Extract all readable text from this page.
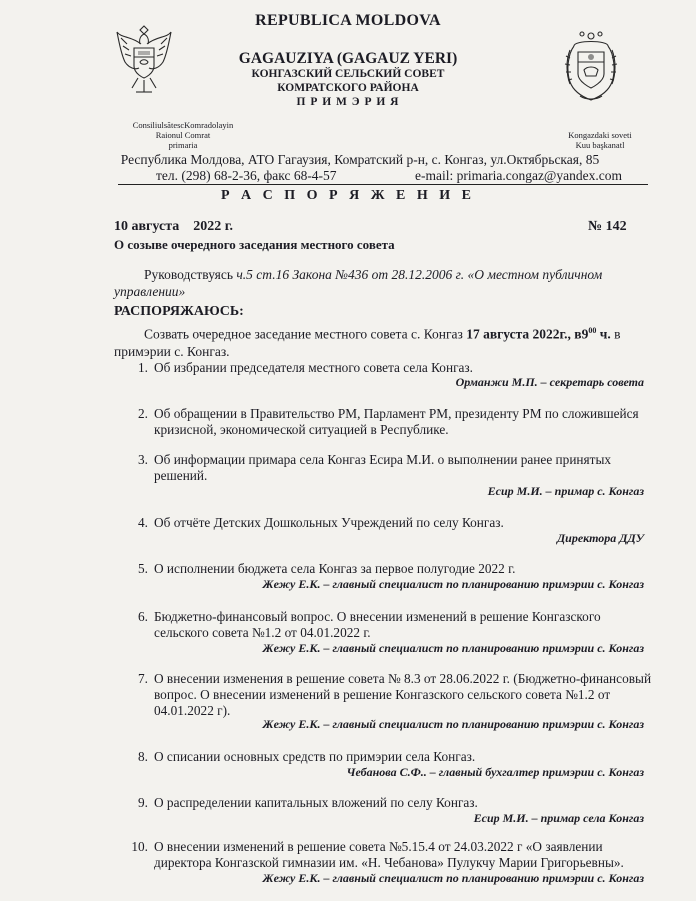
REPUBLICA MOLDOVA
GAGAUZIYA (GAGAUZ YERI)
КОНГАЗСКИЙ СЕЛЬСКИЙ СОВЕТ
КОМРАТСКОГО РАЙОНА
П Р И М Э Р И Я
ConsiliulsătescKomradolayin
Raionul Comrat
primaria
Kongazdaki soveti
Kuu başkanatl
Республика Молдова, АТО Гагаузия, Комратский р-н, с. Конгаз, ул.Октябрьская, 85
тел. (298) 68-2-36, факс 68-4-57	e-mail: primaria.congaz@yandex.com
Р А С П О Р Я Ж Е Н И Е
10 августа    2022 г.	№ 142
О созыве очередного заседания местного совета
Руководствуясь ч.5 ст.16 Закона №436 от 28.12.2006 г. «О местном публичном управлении»
РАСПОРЯЖАЮСЬ:
Созвать очередное заседание местного совета с. Конгаз 17 августа 2022г., $в9^{00}$ ч. в примэрии с. Конгаз.
1. Об избрании председателя местного совета села Конгаз.
Орманжи М.П. – секретарь совета
2. Об обращении в Правительство РМ, Парламент РМ, президенту РМ по сложившейся кризисной, экономической ситуацией в Республике.
3. Об информации примара села Конгаз Есира М.И. о выполнении ранее принятых решений.
Есир М.И. – примар с. Конгаз
4. Об отчёте Детских Дошкольных Учреждений по селу Конгаз.
Директора ДДУ
5. О исполнении бюджета села Конгаз за первое полугодие 2022 г.
Жежу Е.К. – главный специалист по планированию примэрии с. Конгаз
6. Бюджетно-финансовый вопрос. О внесении изменений в решение Конгазского сельского совета №1.2 от 04.01.2022 г.
Жежу Е.К. – главный специалист по планированию примэрии с. Конгаз
7. О внесении изменения в решение совета № 8.3 от 28.06.2022 г. (Бюджетно-финансовый вопрос. О внесении изменений в решение Конгазского сельского совета №1.2 от 04.01.2022 г).
Жежу Е.К. – главный специалист по планированию примэрии с. Конгаз
8. О списании основных средств по примэрии села Конгаз.
Чебанова С.Ф.. – главный бухгалтер примэрии с. Конгаз
9. О распределении капитальных вложений по селу Конгаз.
Есир М.И. – примар села Конгаз
10. О внесении изменений в решение совета №5.15.4 от 24.03.2022 г «О заявлении директора Конгазской гимназии им. «Н. Чебанова» Пулукчу Марии Григорьевны».
Жежу Е.К. – главный специалист по планированию примэрии с. Конгаз
